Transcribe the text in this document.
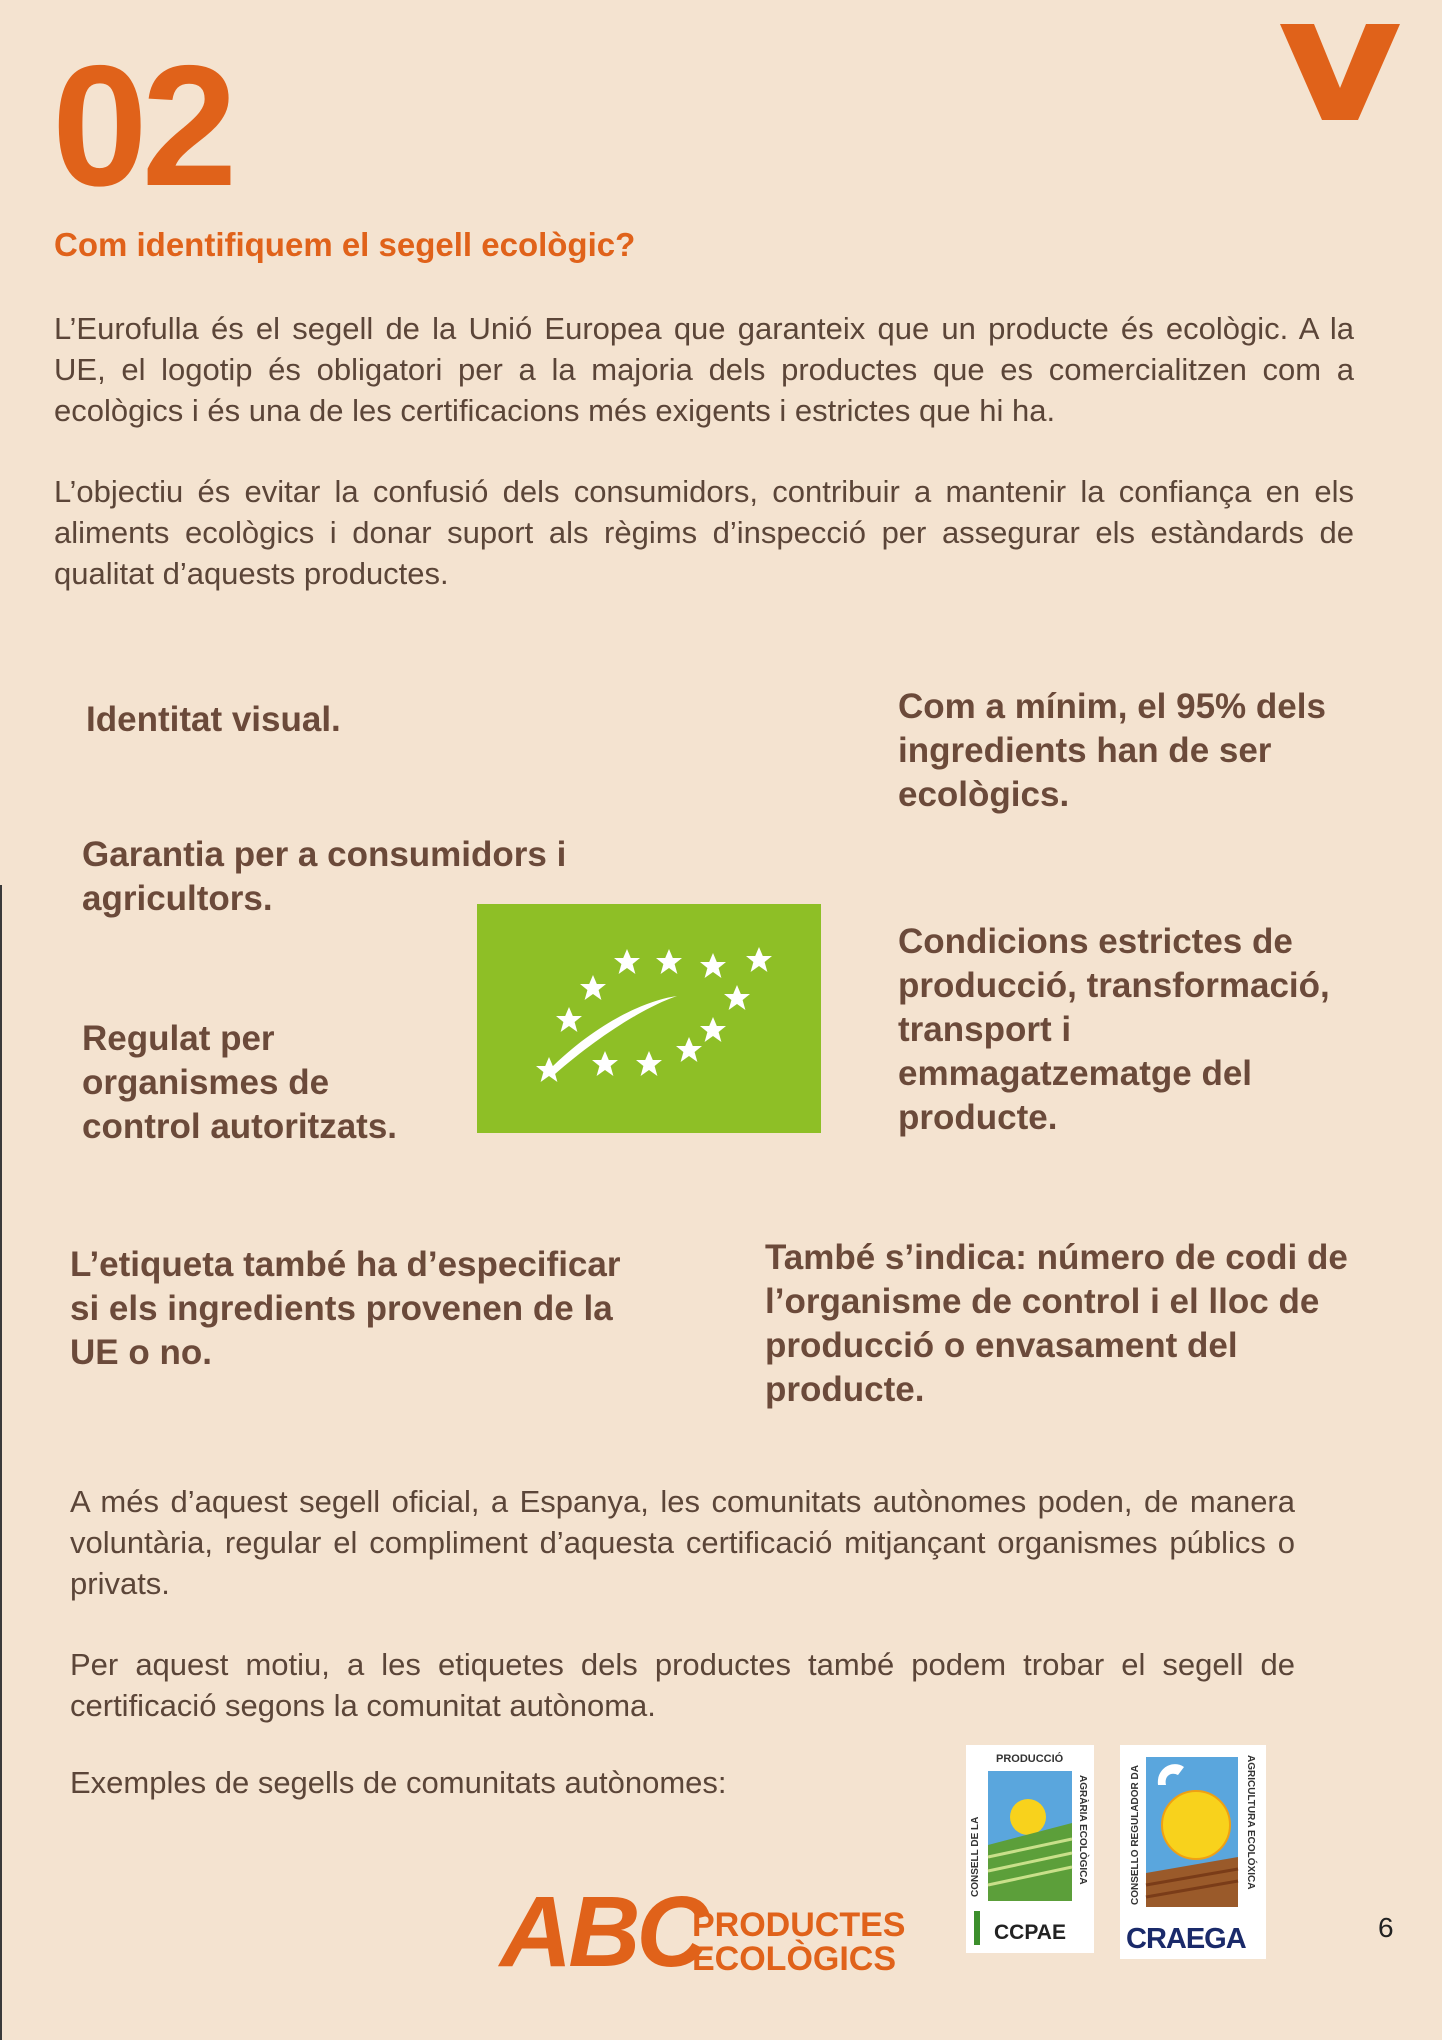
02
Com identifiquem el segell ecològic?
L’Eurofulla és el segell de la Unió Europea que garanteix que un producte és ecològic. A la UE, el logotip és obligatori per a la majoria dels productes que es comercialitzen com a ecològics i és una de les certificacions més exigents i estrictes que hi ha.
L’objectiu és evitar la confusió dels consumidors, contribuir a mantenir la confiança en els aliments ecològics i donar suport als règims d’inspecció per assegurar els estàndards de qualitat d’aquests productes.
Identitat visual.
Garantia per a consumidors i agricultors.
Regulat per organismes de control autoritzats.
Com a mínim, el 95% dels ingredients han de ser ecològics.
Condicions estrictes de producció, transformació, transport i emmagatzematge del producte.
L’etiqueta també ha d’especificar si els ingredients provenen de la UE o no.
També s’indica: número de codi de l’organisme de control i el lloc de producció o envasament del producte.
A més d’aquest segell oficial, a Espanya, les comunitats autònomes poden, de manera voluntària, regular el compliment d’aquesta certificació mitjançant organismes públics o privats.
Per aquest motiu, a les etiquetes dels productes també podem trobar el segell de certificació segons la comunitat autònoma.
Exemples de segells de comunitats autònomes:
PRODUCCIÓ
CONSELL DE LA	AGRÀRIA ECOLÒGICA
CCPAE
CONSELLO REGULADOR DA	AGRICULTURA ECOLÓXICA
CRAEGA
ABC
PRODUCTES
ECOLÒGICS
6
